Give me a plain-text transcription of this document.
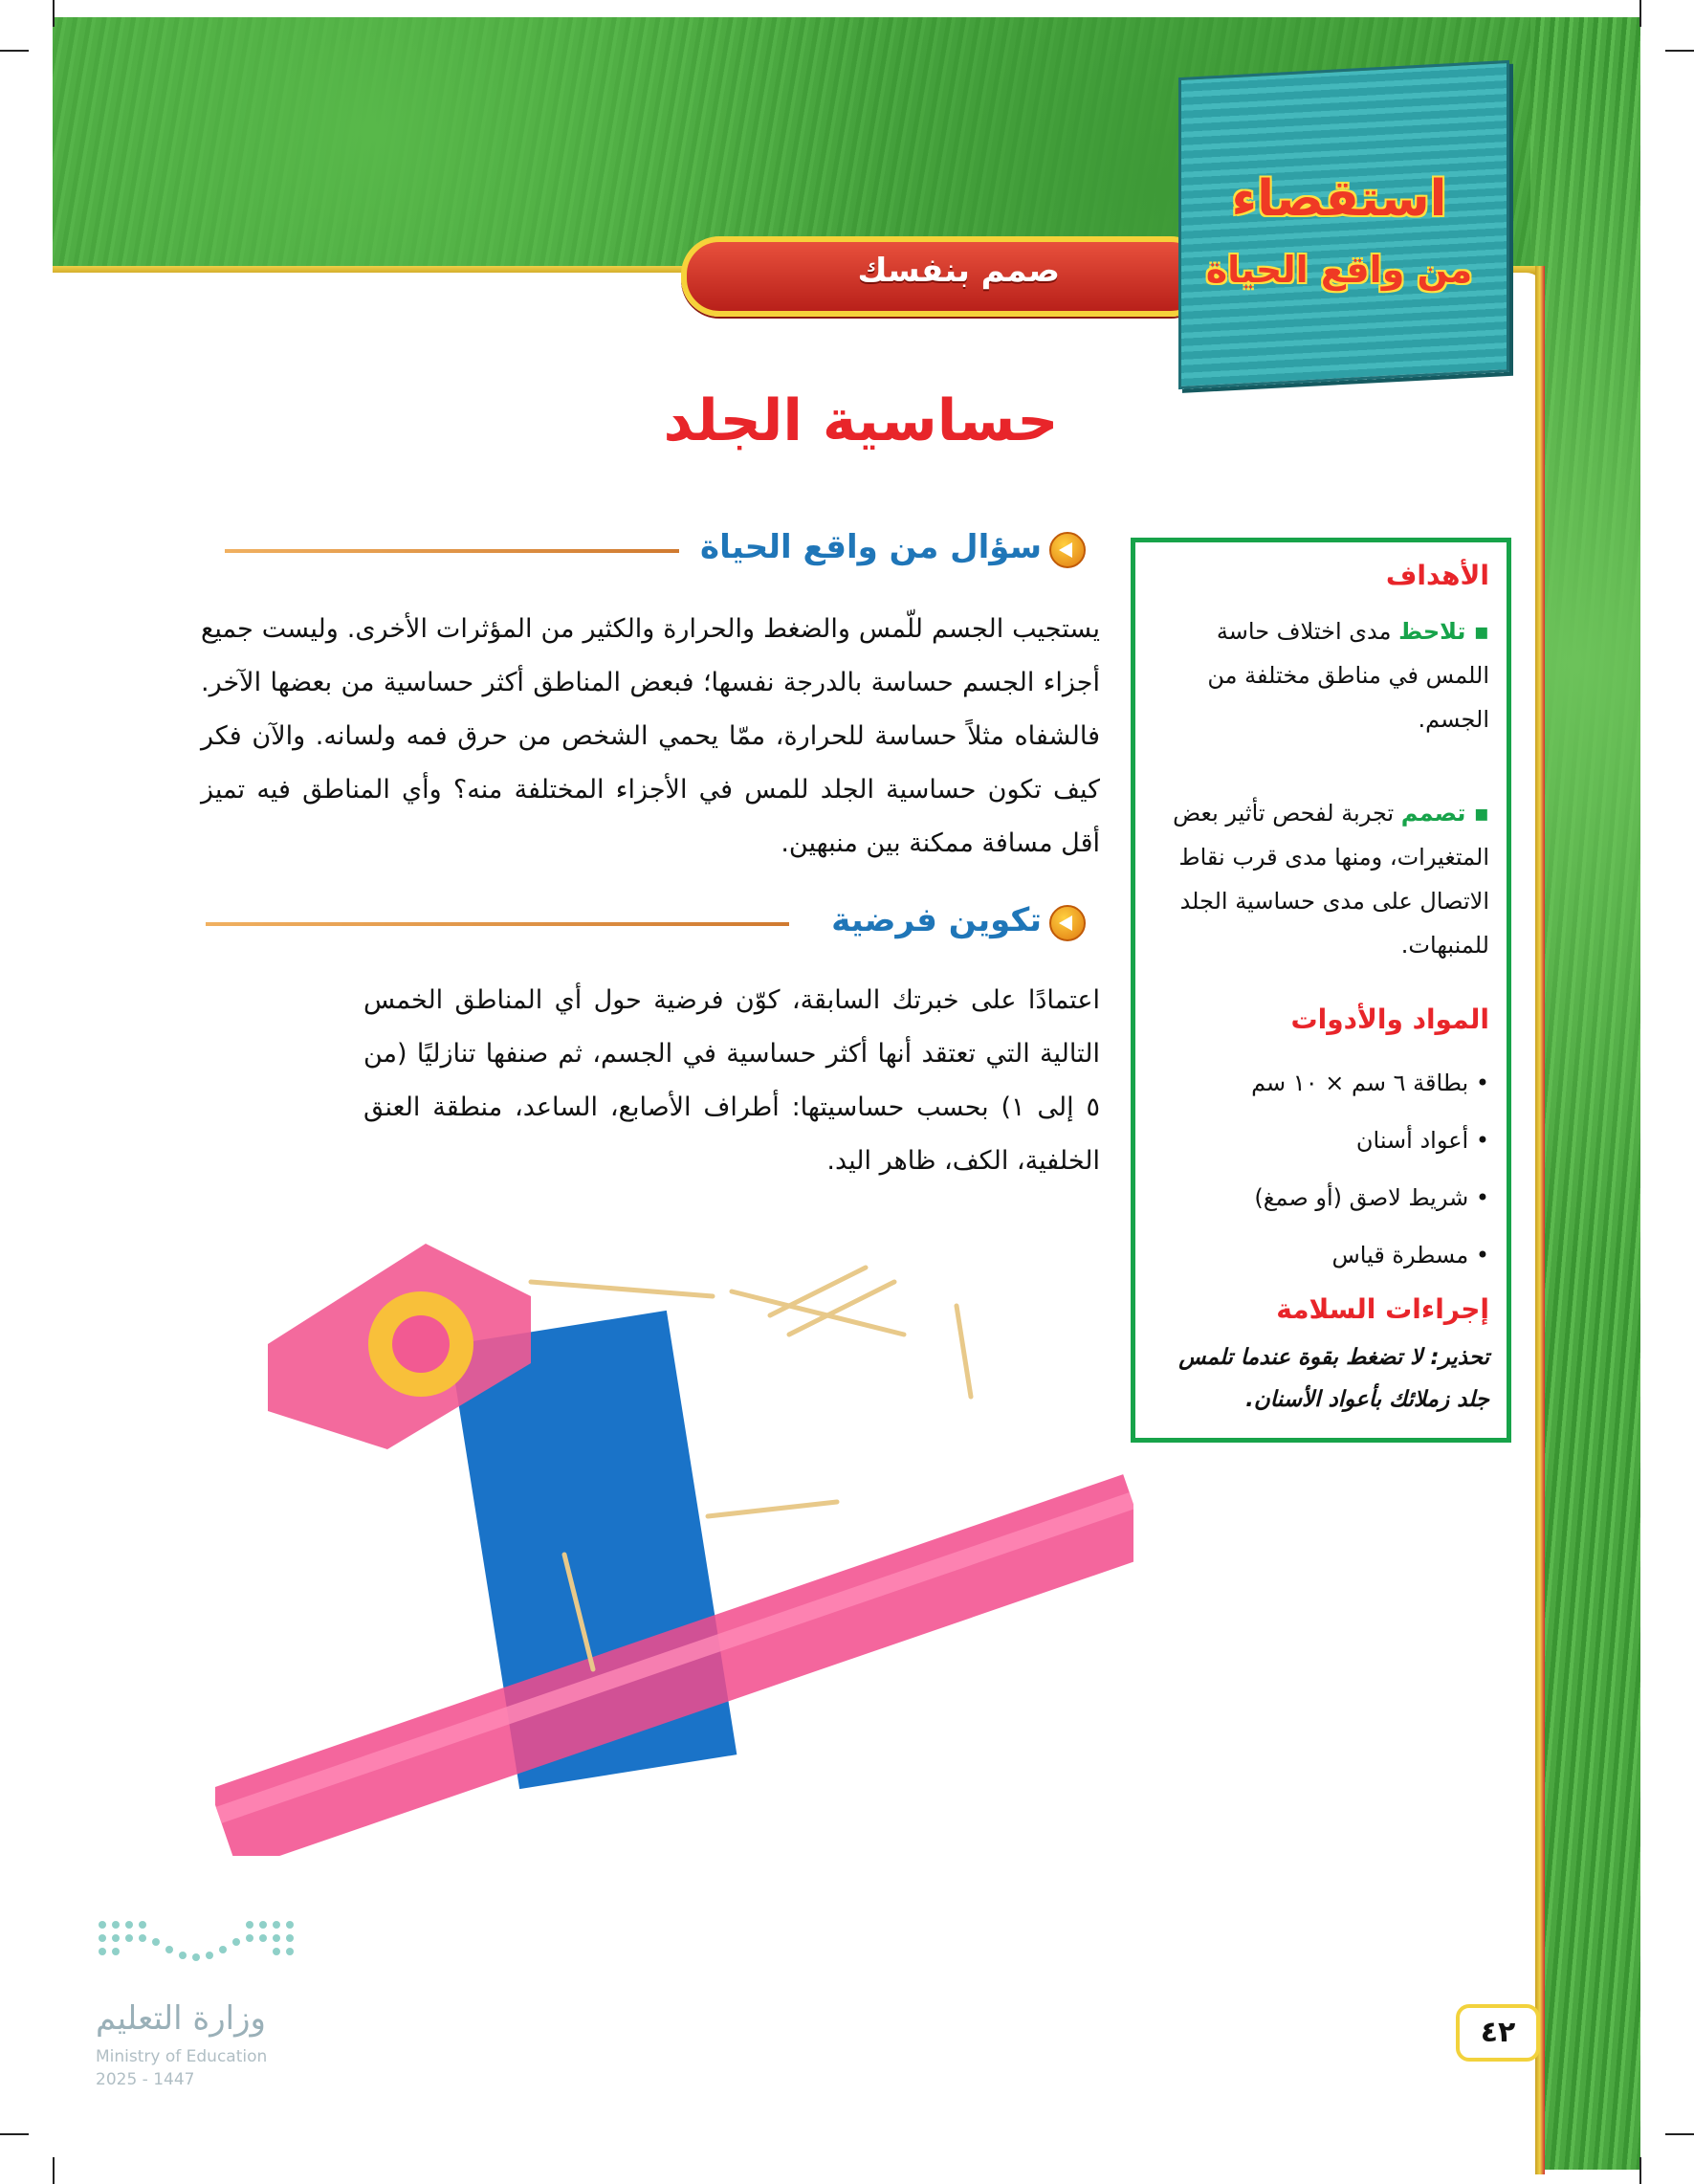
صمم بنفسك
استقصاء
من واقع الحياة
حساسية الجلد
سؤال من واقع الحياة
يستجيب الجسم للّمس والضغط والحرارة والكثير من المؤثرات الأخرى. وليست جميع أجزاء الجسم حساسة بالدرجة نفسها؛ فبعض المناطق أكثر حساسية من بعضها الآخر. فالشفاه مثلاً حساسة للحرارة، ممّا يحمي الشخص من حرق فمه ولسانه. والآن فكر كيف تكون حساسية الجلد للمس في الأجزاء المختلفة منه؟ وأي المناطق فيه تميز أقل مسافة ممكنة بين منبهين.
تكوين فرضية
اعتمادًا على خبرتك السابقة، كوّن فرضية حول أي المناطق الخمس التالية التي تعتقد أنها أكثر حساسية في الجسم، ثم صنفها تنازليًا (من ٥ إلى ١) بحسب حساسيتها: أطراف الأصابع، الساعد، منطقة العنق الخلفية، الكف، ظاهر اليد.
الأهداف
▪ تلاحظ مدى اختلاف حاسة اللمس في مناطق مختلفة من الجسم.
▪ تصمم تجربة لفحص تأثير بعض المتغيرات، ومنها مدى قرب نقاط الاتصال على مدى حساسية الجلد للمنبهات.
المواد والأدوات
• بطاقة ٦ سم × ١٠ سم
• أعواد أسنان
• شريط لاصق (أو صمغ)
• مسطرة قياس
إجراءات السلامة
تحذير: لا تضغط بقوة عندما تلمس جلد زملائك بأعواد الأسنان.
وزارة التعليم
Ministry of Education
2025 - 1447
٤٢
